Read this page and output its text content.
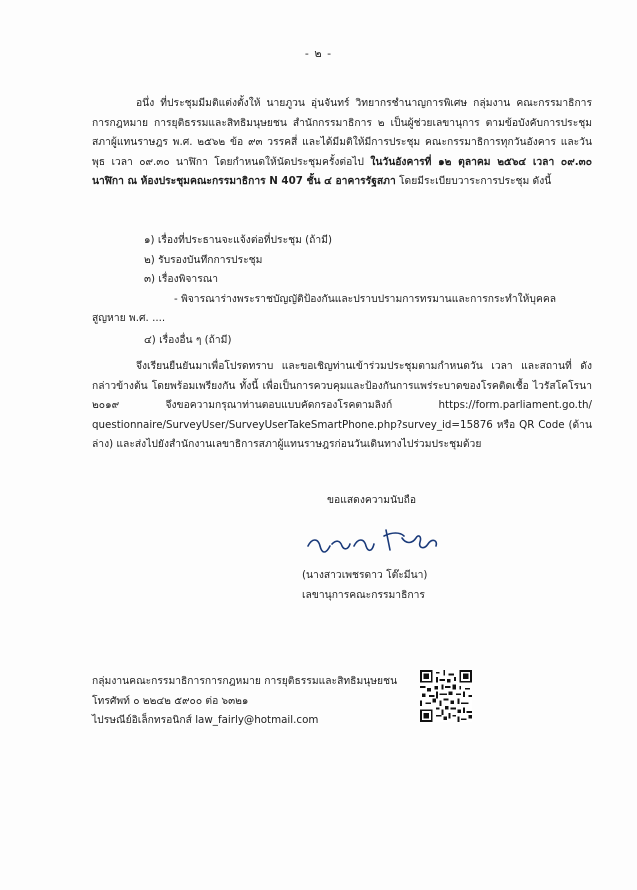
- ๒ -
อนึ่ง ที่ประชุมมีมติแต่งตั้งให้ นายภูวน อุ่นจันทร์ วิทยากรชำนาญการพิเศษ กลุ่มงาน คณะกรรมาธิการการกฎหมาย การยุติธรรมและสิทธิมนุษยชน สำนักกรรมาธิการ ๒ เป็นผู้ช่วยเลขานุการ ตามข้อบังคับการประชุมสภาผู้แทนราษฎร พ.ศ. ๒๕๖๒ ข้อ ๙๓ วรรคสี่ และได้มีมติให้มีการประชุม คณะกรรมาธิการทุกวันอังคาร และวันพุธ เวลา ๐๙.๓๐ นาฬิกา โดยกำหนดให้นัดประชุมครั้งต่อไป ในวันอังคารที่ ๑๒ ตุลาคม ๒๕๖๔ เวลา ๐๙.๓๐ นาฬิกา ณ ห้องประชุมคณะกรรมาธิการ N 407 ชั้น ๔ อาคารรัฐสภา โดยมีระเบียบวาระการประชุม ดังนี้
๑) เรื่องที่ประธานจะแจ้งต่อที่ประชุม (ถ้ามี)
๒) รับรองบันทึกการประชุม
๓) เรื่องพิจารณา
- พิจารณาร่างพระราชบัญญัติป้องกันและปราบปรามการทรมานและการกระทำให้บุคคล
สูญหาย พ.ศ. ....
๔) เรื่องอื่น ๆ (ถ้ามี)
จึงเรียนยืนยันมาเพื่อโปรดทราบ และขอเชิญท่านเข้าร่วมประชุมตามกำหนดวัน เวลา และสถานที่ ดังกล่าวข้างต้น โดยพร้อมเพรียงกัน ทั้งนี้ เพื่อเป็นการควบคุมและป้องกันการแพร่ระบาดของโรคติดเชื้อ ไวรัสโคโรนา ๒๐๑๙ จึงขอความกรุณาท่านตอบแบบคัดกรองโรคตามลิงก์ https://form.parliament.go.th/ questionnaire/SurveyUser/SurveyUserTakeSmartPhone.php?survey_id=15876 หรือ QR Code (ด้านล่าง) และส่งไปยังสำนักงานเลขาธิการสภาผู้แทนราษฎรก่อนวันเดินทางไปร่วมประชุมด้วย
ขอแสดงความนับถือ
(นางสาวเพชรดาว โต๊ะมีนา)
เลขานุการคณะกรรมาธิการ
กลุ่มงานคณะกรรมาธิการการกฎหมาย การยุติธรรมและสิทธิมนุษยชน
โทรศัพท์ ๐ ๒๒๔๒ ๕๙๐๐ ต่อ ๖๓๒๑
ไปรษณีย์อิเล็กทรอนิกส์ law_fairly@hotmail.com
